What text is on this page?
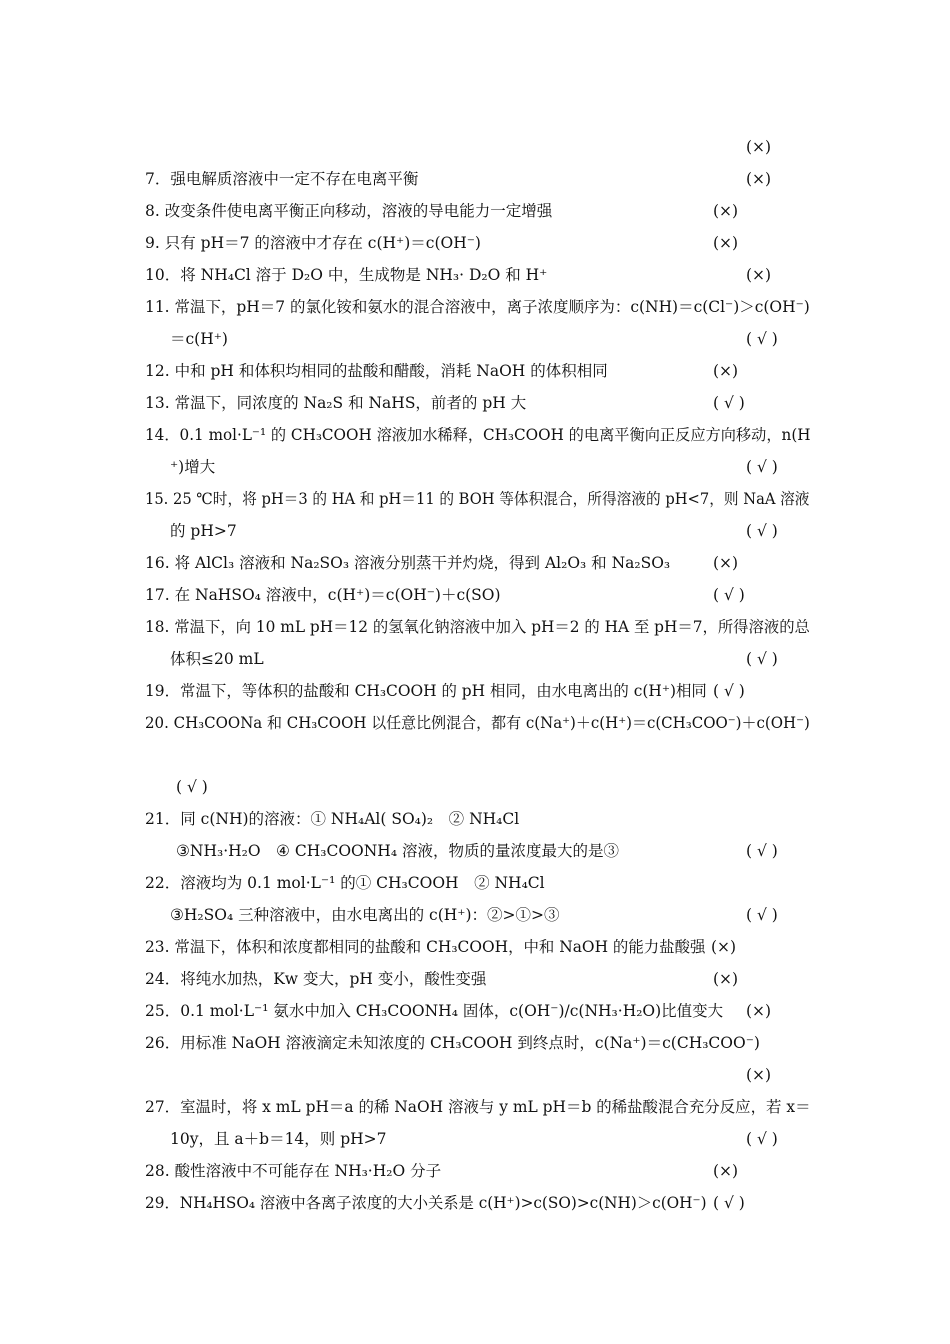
(×)
7．强电解质溶液中一定不存在电离平衡	(×)
8. 改变条件使电离平衡正向移动，溶液的导电能力一定增强	(×)
9. 只有 pH＝7 的溶液中才存在 c(H⁺)＝c(OH⁻)	(×)
10．将 NH₄Cl 溶于 D₂O 中，生成物是 NH₃· D₂O 和 H⁺	(×)
11. 常温下，pH＝7 的氯化铵和氨水的混合溶液中，离子浓度顺序为：c(NH)＝c(Cl⁻)＞c(OH⁻)
＝c(H⁺)	( √ )
12. 中和 pH 和体积均相同的盐酸和醋酸，消耗 NaOH 的体积相同	(×)
13. 常温下，同浓度的 Na₂S 和 NaHS，前者的 pH 大	( √ )
14．0.1 mol·L⁻¹ 的 CH₃COOH 溶液加水稀释，CH₃COOH 的电离平衡向正反应方向移动，n(H
⁺)增大	( √ )
15. 25 ℃时，将 pH＝3 的 HA 和 pH＝11 的 BOH 等体积混合，所得溶液的 pH<7，则 NaA 溶液
的 pH>7	( √ )
16. 将 AlCl₃ 溶液和 Na₂SO₃ 溶液分别蒸干并灼烧，得到 Al₂O₃ 和 Na₂SO₃	(×)
17. 在 NaHSO₄ 溶液中，c(H⁺)＝c(OH⁻)＋c(SO)	( √ )
18. 常温下，向 10 mL pH＝12 的氢氧化钠溶液中加入 pH＝2 的 HA 至 pH＝7，所得溶液的总
体积≤20 mL	( √ )
19．常温下，等体积的盐酸和 CH₃COOH 的 pH 相同，由水电离出的 c(H⁺)相同 ( √ )
20. CH₃COONa 和 CH₃COOH 以任意比例混合，都有 c(Na⁺)＋c(H⁺)＝c(CH₃COO⁻)＋c(OH⁻)
( √ )
21．同 c(NH)的溶液：① NH₄Al( SO₄)₂　② NH₄Cl
③NH₃·H₂O　④ CH₃COONH₄ 溶液，物质的量浓度最大的是③	( √ )
22．溶液均为 0.1 mol·L⁻¹ 的① CH₃COOH　② NH₄Cl
③H₂SO₄ 三种溶液中，由水电离出的 c(H⁺)：②>①>③	( √ )
23. 常温下，体积和浓度都相同的盐酸和 CH₃COOH，中和 NaOH 的能力盐酸强 (×)
24．将纯水加热，Kw 变大，pH 变小，酸性变强	(×)
25．0.1 mol·L⁻¹ 氨水中加入 CH₃COONH₄ 固体，c(OH⁻)/c(NH₃·H₂O)比值变大 (×)
26．用标准 NaOH 溶液滴定未知浓度的 CH₃COOH 到终点时，c(Na⁺)＝c(CH₃COO⁻)
(×)
27．室温时，将 x mL pH＝a 的稀 NaOH 溶液与 y mL pH＝b 的稀盐酸混合充分反应，若 x＝
10y，且 a＋b＝14，则 pH>7	( √ )
28. 酸性溶液中不可能存在 NH₃·H₂O 分子	(×)
29．NH₄HSO₄ 溶液中各离子浓度的大小关系是 c(H⁺)>c(SO)>c(NH)＞c(OH⁻) ( √ )
